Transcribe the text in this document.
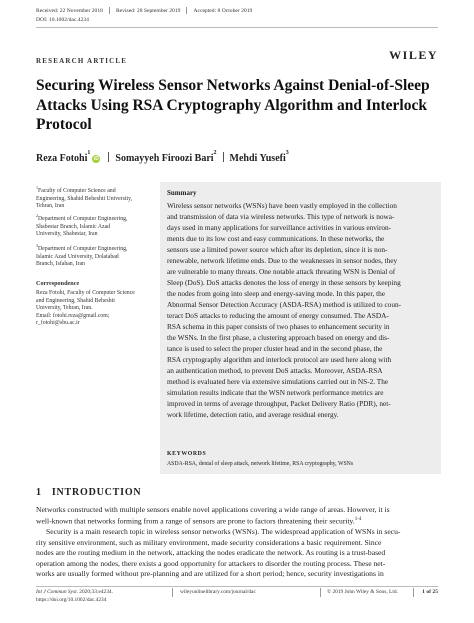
Received: 22 November 2018 Revised: 28 September 2019 Accepted: 8 October 2019
DOI: 10.1002/dac.4234
RESEARCH ARTICLE	WILEY
Securing Wireless Sensor Networks Against Denial-of-Sleep Attacks Using RSA Cryptography Algorithm and Interlock Protocol
Reza Fotohi$^1$iD Somayyeh Firoozi Bari$^2$ Mehdi Yusefi$^3$
$^1$Faculty of Computer Science and
Engineering, Shahid Beheshti University,
Tehran, Iran
$^2$Department of Computer Engineering,
Shabestar Branch, Islamic Azad
University, Shabestar, Iran
$^3$Department of Computer Engineering,
Islamic Azad University, Dolatabad
Branch, Isfahan, Iran
Correspondence
Reza Fotohi, Faculty of Computer Science
and Engineering, Shahid Beheshti
University, Tehran, Iran.
Email: fotohi.reza@gmail.com;
r_fotohi@sbu.ac.ir
Summary
Wireless sensor networks (WSNs) have been vastly employed in the collection
and transmission of data via wireless networks. This type of network is nowa-
days used in many applications for surveillance activities in various environ-
ments due to its low cost and easy communications. In these networks, the
sensors use a limited power source which after its depletion, since it is non-
renewable, network lifetime ends. Due to the weaknesses in sensor nodes, they
are vulnerable to many threats. One notable attack threating WSN is Denial of
Sleep (DoS). DoS attacks denotes the loss of energy in these sensors by keeping
the nodes from going into sleep and energy-saving mode. In this paper, the
Abnormal Sensor Detection Accuracy (ASDA-RSA) method is utilized to coun-
teract DoS attacks to reducing the amount of energy consumed. The ASDA-
RSA schema in this paper consists of two phases to enhancement security in
the WSNs. In the first phase, a clustering approach based on energy and dis-
tance is used to select the proper cluster head and in the second phase, the
RSA cryptography algorithm and interlock protocol are used here along with
an authentication method, to prevent DoS attacks. Moreover, ASDA-RSA
method is evaluated here via extensive simulations carried out in NS-2. The
simulation results indicate that the WSN network performance metrics are
improved in terms of average throughput, Packet Delivery Ratio (PDR), net-
work lifetime, detection ratio, and average residual energy.
KEYWORDS
ASDA-RSA, denial of sleep attack, network lifetime, RSA cryptography, WSNs
1 INTRODUCTION
Networks constructed with multiple sensors enable novel applications covering a wide range of areas. However, it is
well-known that networks forming from a range of sensors are prone to factors threatening their security.$^{1-4}$
Security is a main research topic in wireless sensor networks (WSNs). The widespread application of WSNs in secu-
rity sensitive environment, such as military environment, made security considerations a basic requirement. Since
nodes are the routing medium in the network, attacking the nodes eradicate the network. As routing is a trust-based
operation among the nodes, there exists a good opportunity for attackers to disorder the routing process. These net-
works are usually formed without pre-planning and are utilized for a short period; hence, security investigations in
Int J Commun Syst. 2020;33:e4234.
https://doi.org/10.1002/dac.4234
wileyonlinelibrary.com/journal/dac	© 2019 John Wiley & Sons, Ltd.	1 of 25
